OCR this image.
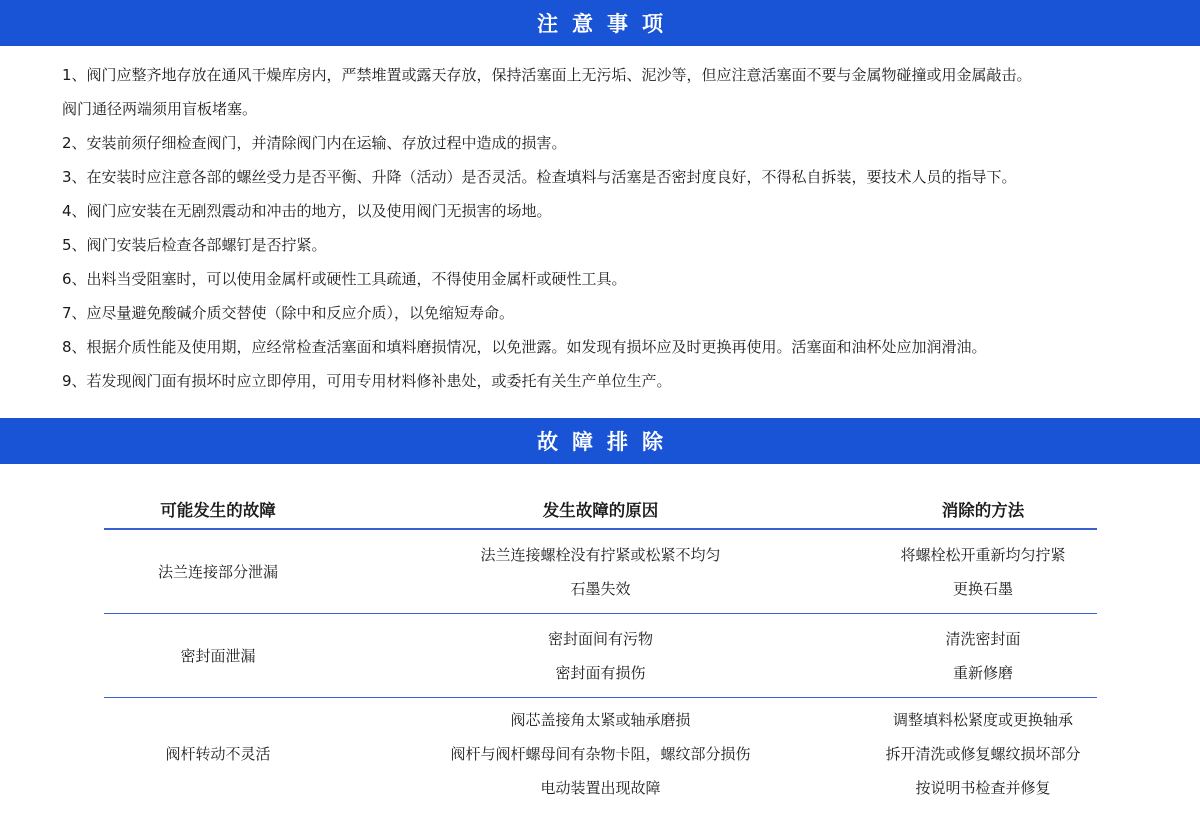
注意事项
1、阀门应整齐地存放在通风干燥库房内，严禁堆置或露天存放，保持活塞面上无污垢、泥沙等，但应注意活塞面不要与金属物碰撞或用金属敲击。
阀门通径两端须用盲板堵塞。
2、安装前须仔细检查阀门，并清除阀门内在运输、存放过程中造成的损害。
3、在安装时应注意各部的螺丝受力是否平衡、升降（活动）是否灵活。检查填料与活塞是否密封度良好，不得私自拆装，要技术人员的指导下。
4、阀门应安装在无剧烈震动和冲击的地方，以及使用阀门无损害的场地。
5、阀门安装后检查各部螺钉是否拧紧。
6、出料当受阻塞时，可以使用金属杆或硬性工具疏通，不得使用金属杆或硬性工具。
7、应尽量避免酸碱介质交替使（除中和反应介质），以免缩短寿命。
8、根据介质性能及使用期，应经常检查活塞面和填料磨损情况，以免泄露。如发现有损坏应及时更换再使用。活塞面和油杯处应加润滑油。
9、若发现阀门面有损坏时应立即停用，可用专用材料修补患处，或委托有关生产单位生产。
故障排除
可能发生的故障	发生故障的原因	消除的方法
法兰连接部分泄漏
法兰连接螺栓没有拧紧或松紧不均匀
石墨失效
将螺栓松开重新均匀拧紧
更换石墨
密封面泄漏
密封面间有污物
密封面有损伤
清洗密封面
重新修磨
阀杆转动不灵活
阀芯盖接角太紧或轴承磨损
阀杆与阀杆螺母间有杂物卡阻，螺纹部分损伤
电动装置出现故障
调整填料松紧度或更换轴承
拆开清洗或修复螺纹损坏部分
按说明书检查并修复
